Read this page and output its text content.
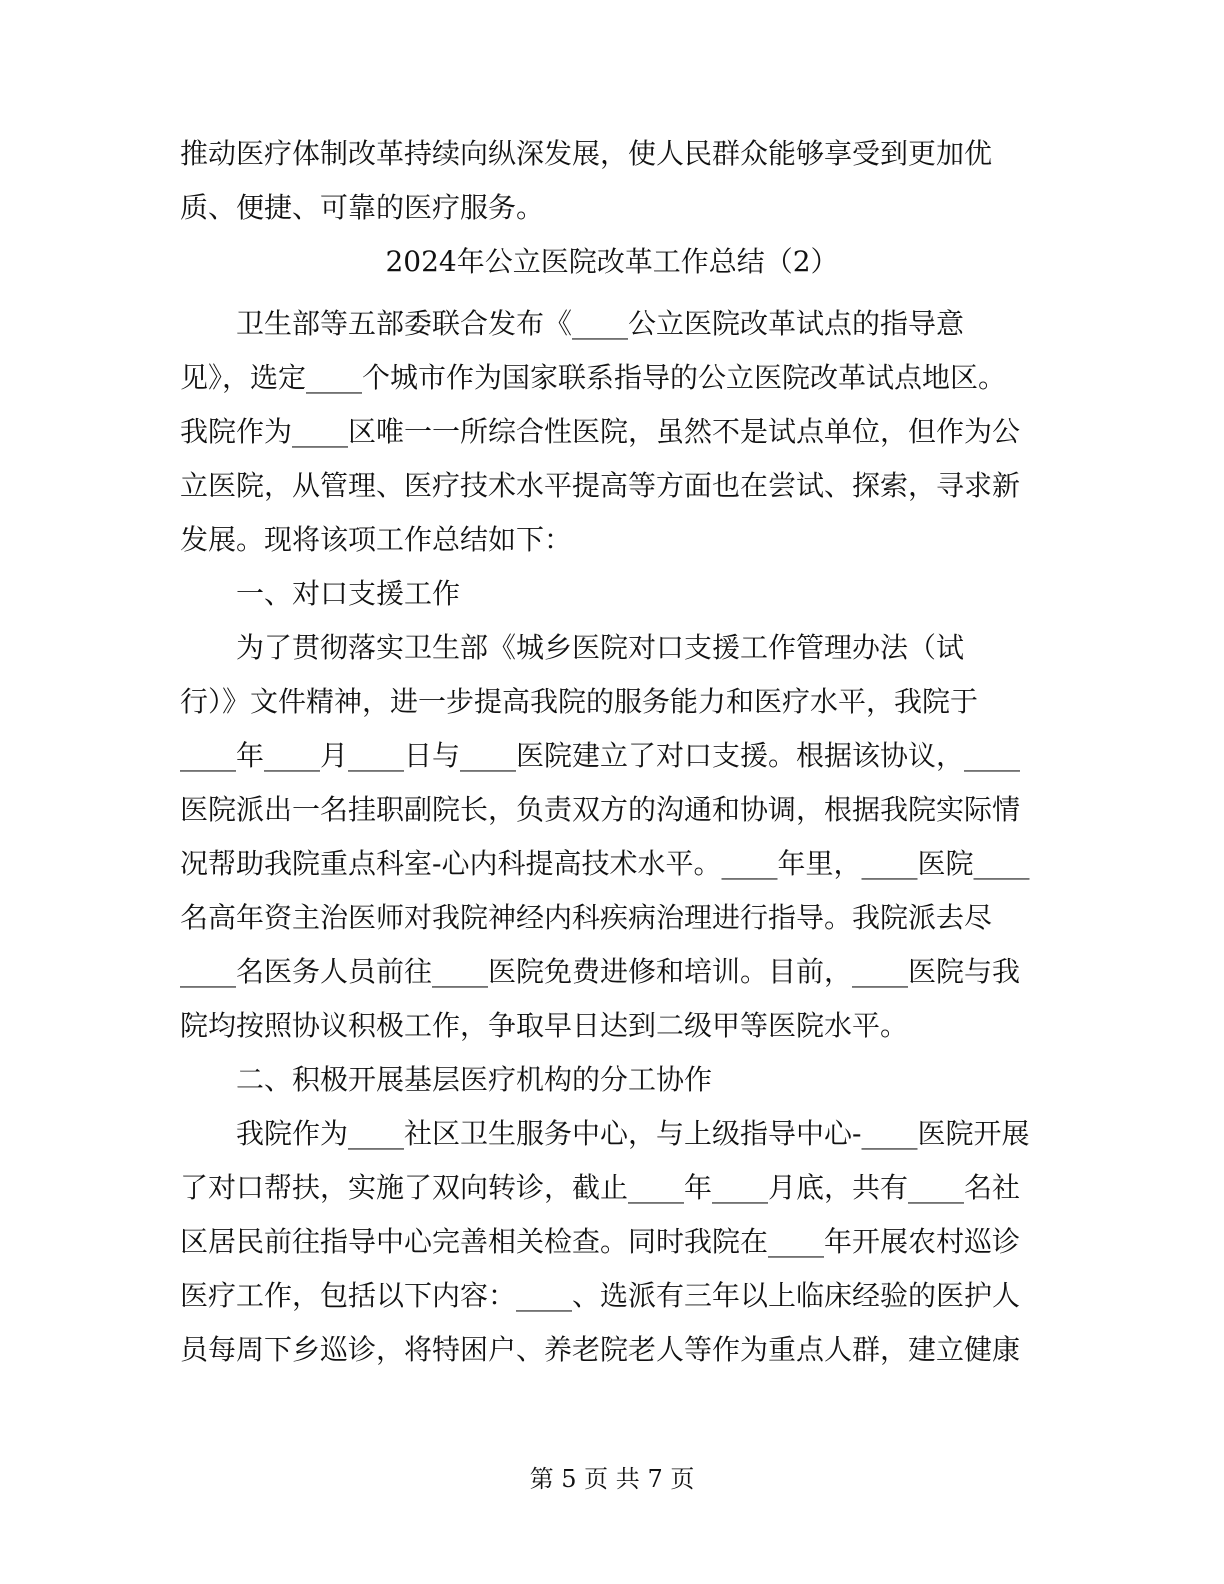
推动医疗体制改革持续向纵深发展，使人民群众能够享受到更加优
质、便捷、可靠的医疗服务。
2024年公立医院改革工作总结（2）
卫生部等五部委联合发布《____公立医院改革试点的指导意
见》，选定____个城市作为国家联系指导的公立医院改革试点地区。
我院作为____区唯一一所综合性医院，虽然不是试点单位，但作为公
立医院，从管理、医疗技术水平提高等方面也在尝试、探索，寻求新
发展。现将该项工作总结如下：
一、对口支援工作
为了贯彻落实卫生部《城乡医院对口支援工作管理办法（试
行）》文件精神，进一步提高我院的服务能力和医疗水平，我院于
____年____月____日与____医院建立了对口支援。根据该协议，____
医院派出一名挂职副院长，负责双方的沟通和协调，根据我院实际情
况帮助我院重点科室-心内科提高技术水平。____年里，____医院____
名高年资主治医师对我院神经内科疾病治理进行指导。我院派去尽
____名医务人员前往____医院免费进修和培训。目前，____医院与我
院均按照协议积极工作，争取早日达到二级甲等医院水平。
二、积极开展基层医疗机构的分工协作
我院作为____社区卫生服务中心，与上级指导中心-____医院开展
了对口帮扶，实施了双向转诊，截止____年____月底，共有____名社
区居民前往指导中心完善相关检查。同时我院在____年开展农村巡诊
医疗工作，包括以下内容：____、选派有三年以上临床经验的医护人
员每周下乡巡诊，将特困户、养老院老人等作为重点人群，建立健康
第 5 页 共 7 页
